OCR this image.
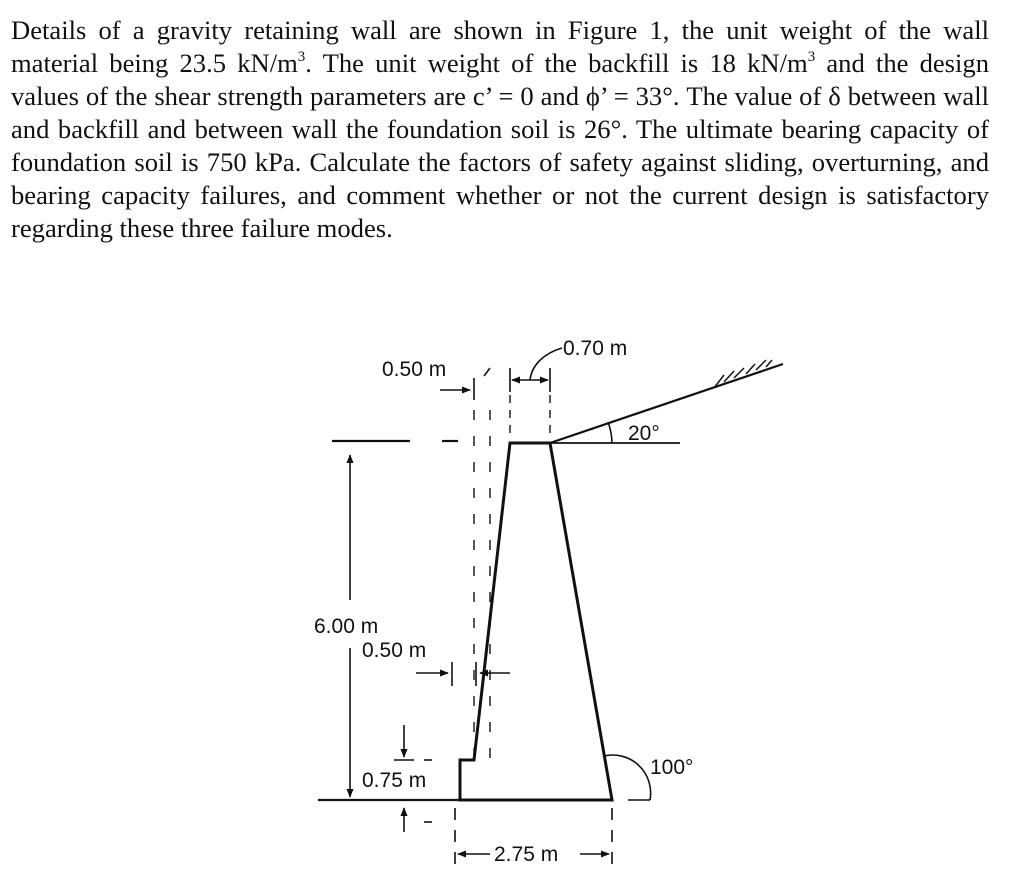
Details of a gravity retaining wall are shown in Figure 1, the unit weight of the wall material being 23.5 $kN/m^3$. The unit weight of the backfill is 18 $kN/m^3$ and the design values of the shear strength parameters are c’ = 0 and ϕ’ = 33°. The value of δ between wall and backfill and between wall the foundation soil is 26°. The ultimate bearing capacity of foundation soil is 750 kPa. Calculate the factors of safety against sliding, overturning, and bearing capacity failures, and comment whether or not the current design is satisfactory regarding these three failure modes.

20°
0.70 m
0.50 m
6.00 m
0.50 m
0.75 m
100°
2.75 m
